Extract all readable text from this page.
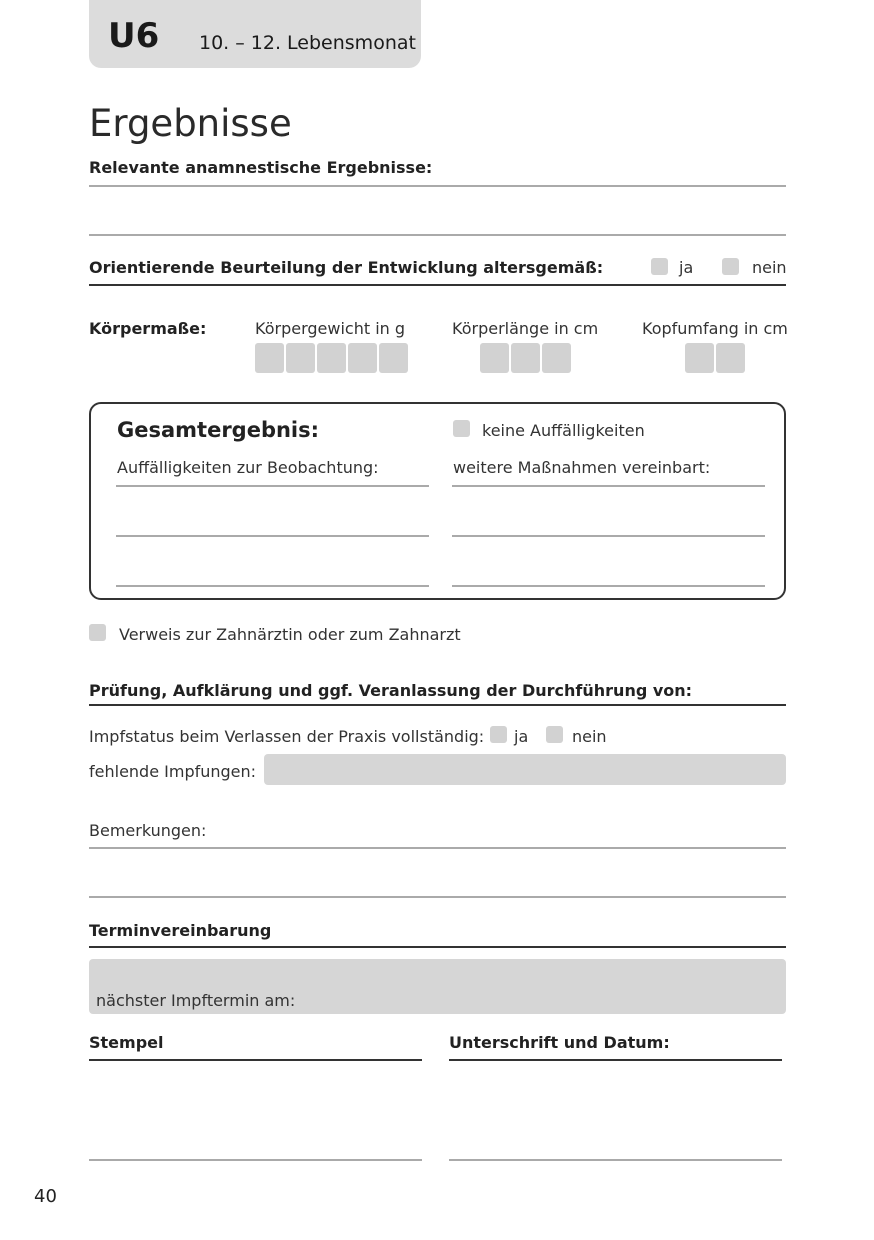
U6 10. – 12. Lebensmonat
Ergebnisse
Relevante anamnestische Ergebnisse:
Orientierende Beurteilung der Entwicklung altersgemäß:	ja	nein
Körpermaße:	Körpergewicht in g	Körperlänge in cm	Kopfumfang in cm
Gesamtergebnis:	keine Auffälligkeiten
Auffälligkeiten zur Beobachtung:	weitere Maßnahmen vereinbart:
Verweis zur Zahnärztin oder zum Zahnarzt
Prüfung, Aufklärung und ggf. Veranlassung der Durchführung von:
Impfstatus beim Verlassen der Praxis vollständig: ja	nein
fehlende Impfungen:
Bemerkungen:
Terminvereinbarung
nächster Impftermin am:
Stempel	Unterschrift und Datum:
40
